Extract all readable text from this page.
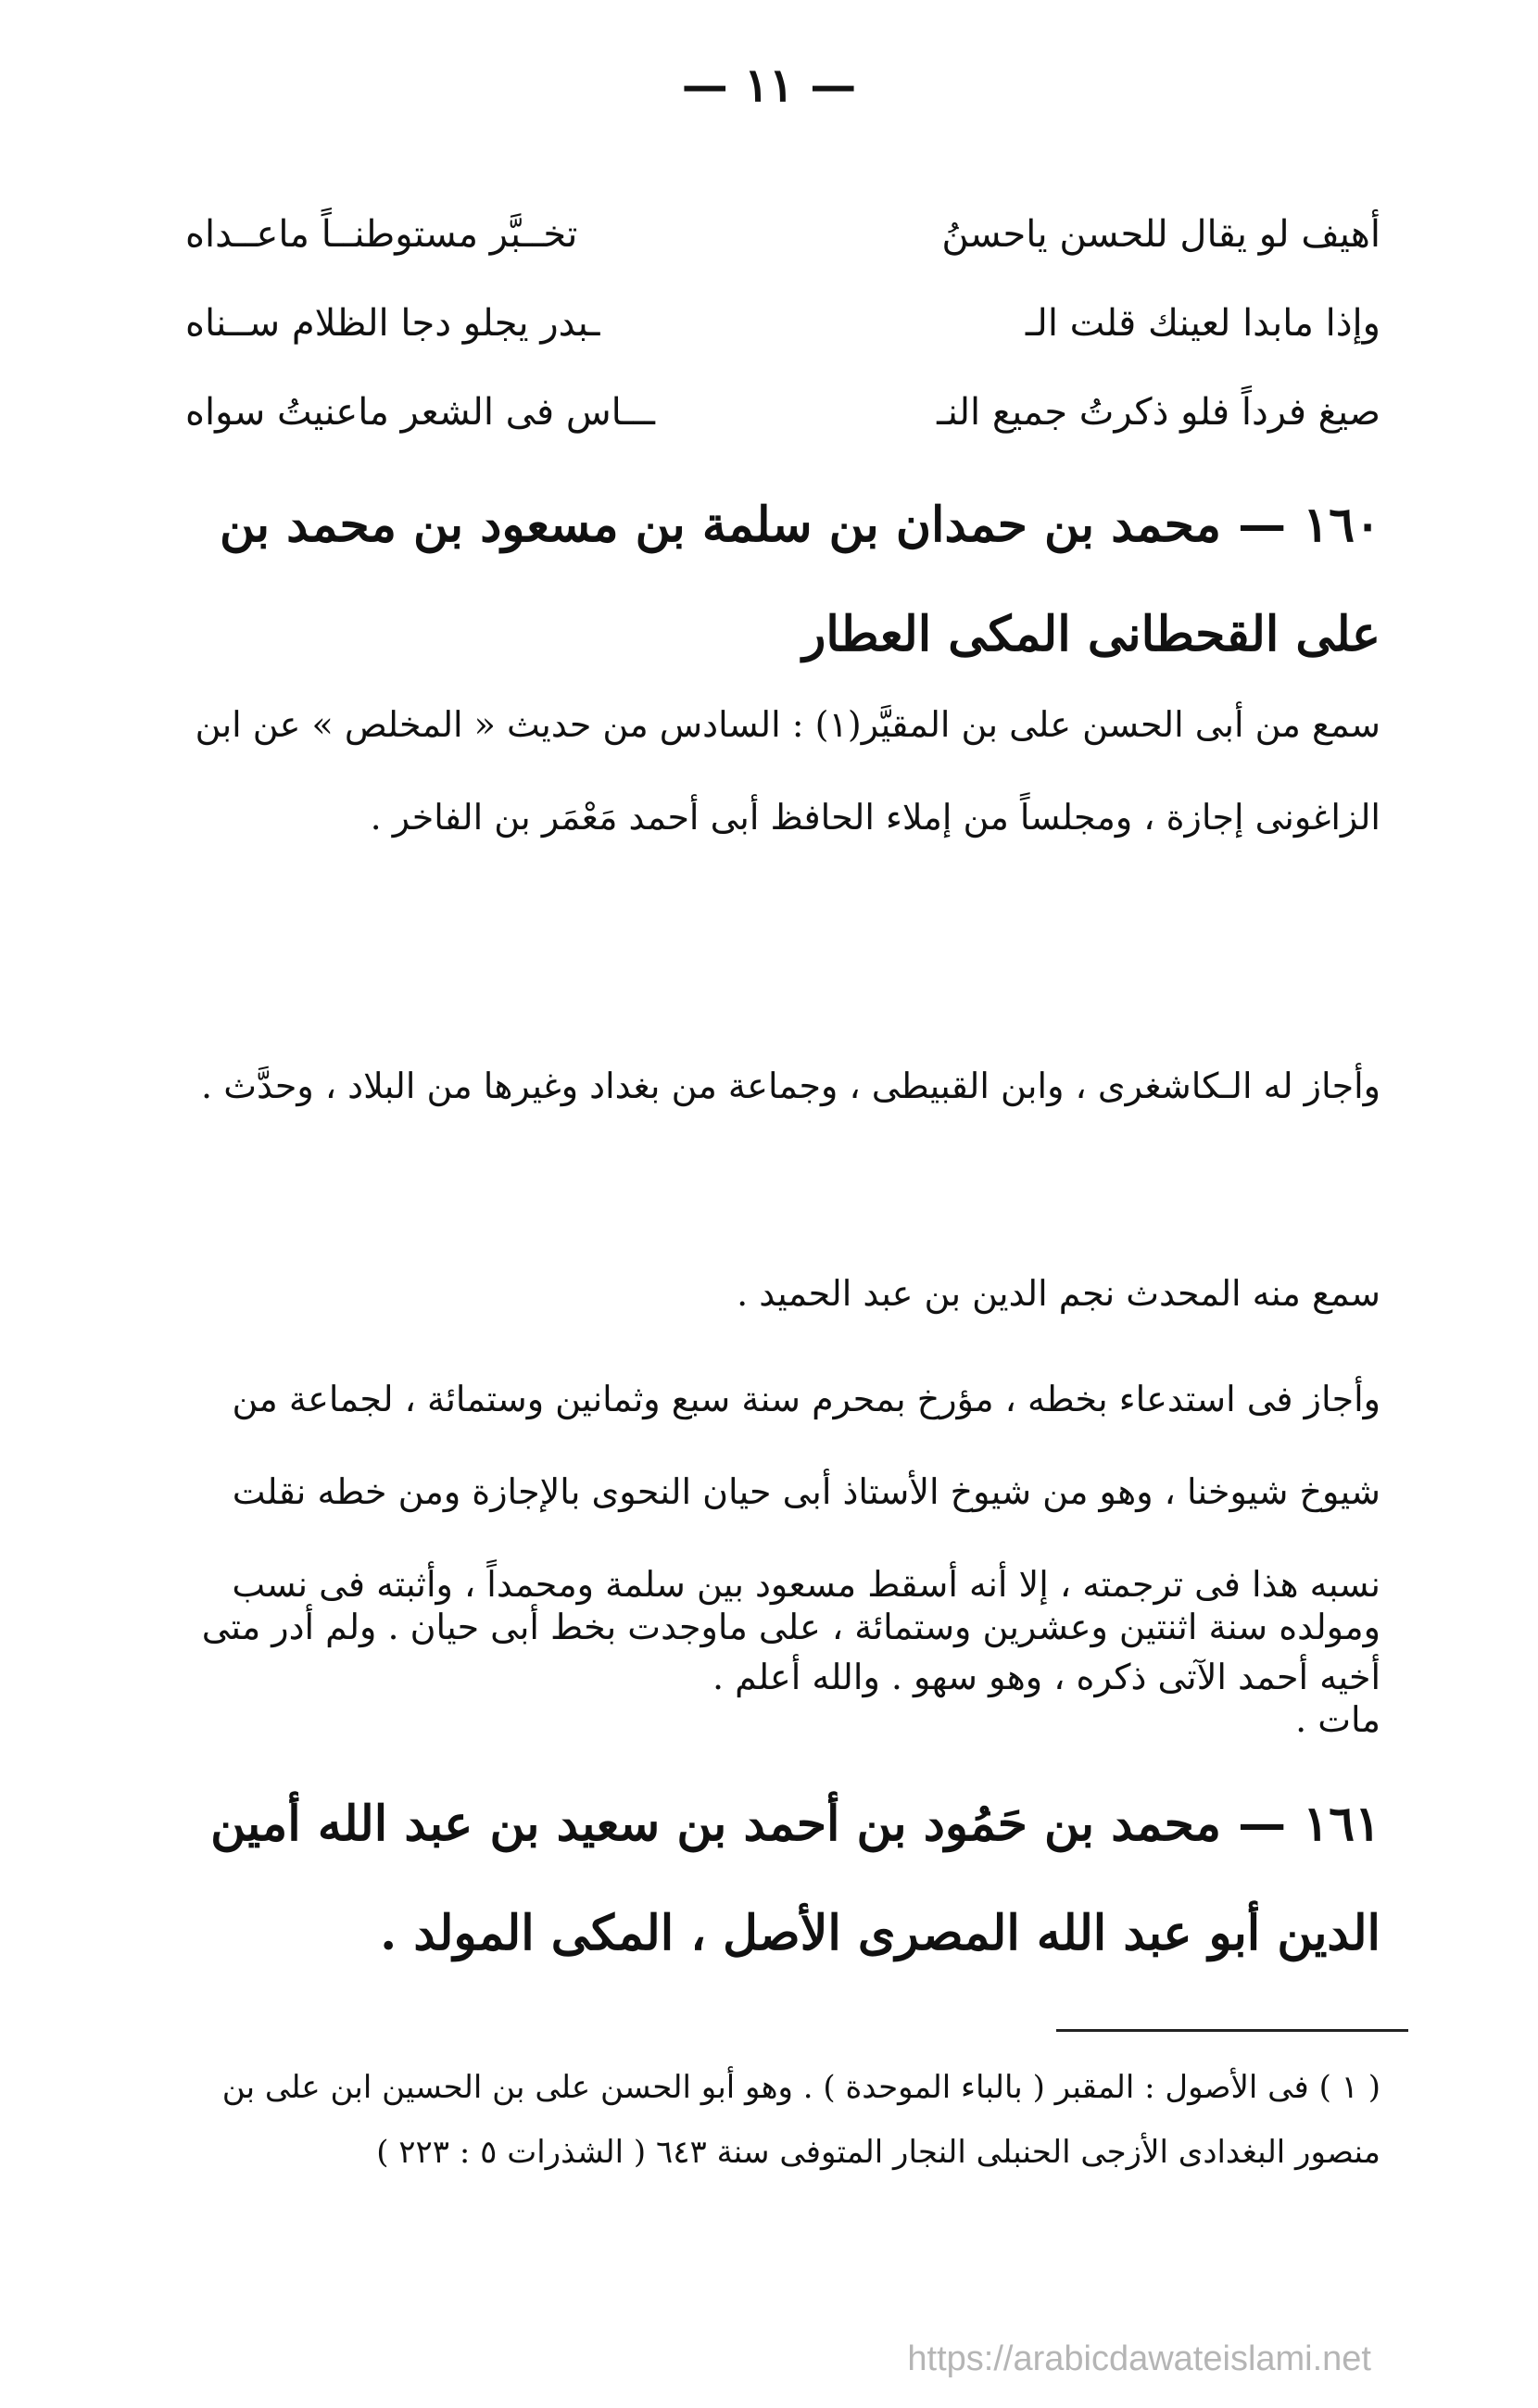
— ١١ —
أهيف لو يقال للحسن ياحسنُ
تخــبَّر مستوطنــاً ماعــداه
وإذا مابدا لعينك قلت الـ
ـبدر يجلو دجا الظلام ســناه
صيغ فرداً فلو ذكرتُ جميع النـ
ـــاس فى الشعر ماعنيتُ سواه
١٦٠ — محمد بن حمدان بن سلمة بن مسعود بن محمد بن على القحطانى المكى العطار
سمع من أبى الحسن على بن المقيَّر(١) : السادس من حديث « المخلص » عن ابن الزاغونى إجازة ، ومجلساً من إملاء الحافظ أبى أحمد مَعْمَر بن الفاخر .
وأجاز له الـكاشغرى ، وابن القبيطى ، وجماعة من بغداد وغيرها من البلاد ، وحدَّث .
سمع منه المحدث نجم الدين بن عبد الحميد .
وأجاز فى استدعاء بخطه ، مؤرخ بمحرم سنة سبع وثمانين وستمائة ، لجماعة من شيوخ شيوخنا ، وهو من شيوخ الأستاذ أبى حيان النحوى بالإجازة ومن خطه نقلت نسبه هذا فى ترجمته ، إلا أنه أسقط مسعود بين سلمة ومحمداً ، وأثبته فى نسب أخيه أحمد الآتى ذكره ، وهو سهو . والله أعلم .
ومولده سنة اثنتين وعشرين وستمائة ، على ماوجدت بخط أبى حيان . ولم أدر متى مات .
١٦١ — محمد بن حَمُود بن أحمد بن سعيد بن عبد الله أمين الدين أبو عبد الله المصرى الأصل ، المكى المولد .
( ١ ) فى الأصول : المقبر ( بالباء الموحدة ) . وهو أبو الحسن على بن الحسين ابن على بن منصور البغدادى الأزجى الحنبلى النجار المتوفى سنة ٦٤٣ ( الشذرات ٥ : ٢٢٣ )
https://arabicdawateislami.net
